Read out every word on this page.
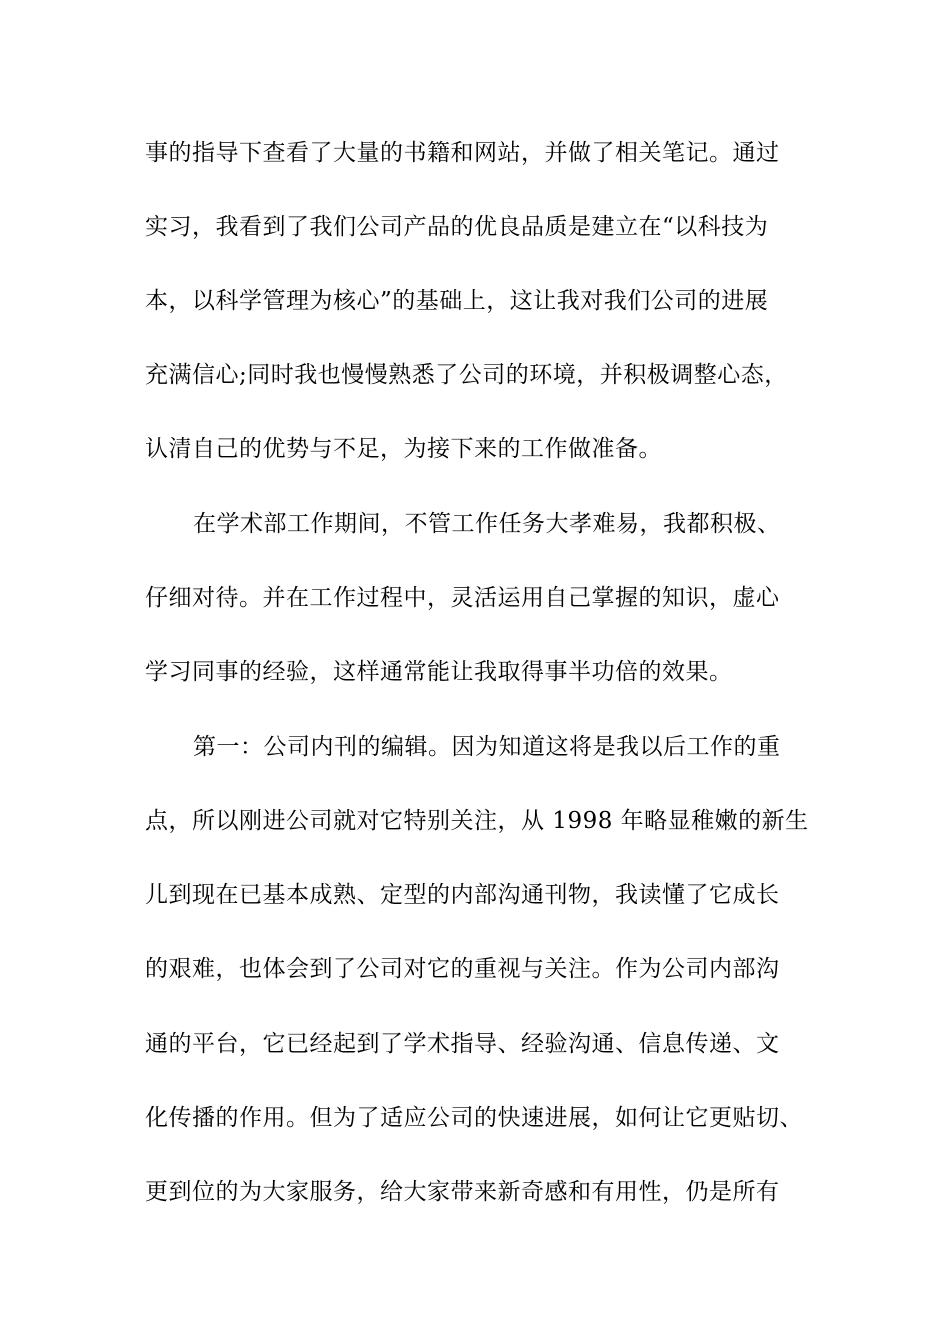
事的指导下查看了大量的书籍和网站，并做了相关笔记。通过
实习，我看到了我们公司产品的优良品质是建立在“以科技为
本，以科学管理为核心”的基础上，这让我对我们公司的进展
充满信心;同时我也慢慢熟悉了公司的环境，并积极调整心态，
认清自己的优势与不足，为接下来的工作做准备。
在学术部工作期间，不管工作任务大孝难易，我都积极、
仔细对待。并在工作过程中，灵活运用自己掌握的知识，虚心
学习同事的经验，这样通常能让我取得事半功倍的效果。
第一：公司内刊的编辑。因为知道这将是我以后工作的重
点，所以刚进公司就对它特别关注，从 1998 年略显稚嫩的新生
儿到现在已基本成熟、定型的内部沟通刊物，我读懂了它成长
的艰难，也体会到了公司对它的重视与关注。作为公司内部沟
通的平台，它已经起到了学术指导、经验沟通、信息传递、文
化传播的作用。但为了适应公司的快速进展，如何让它更贴切、
更到位的为大家服务，给大家带来新奇感和有用性，仍是所有
